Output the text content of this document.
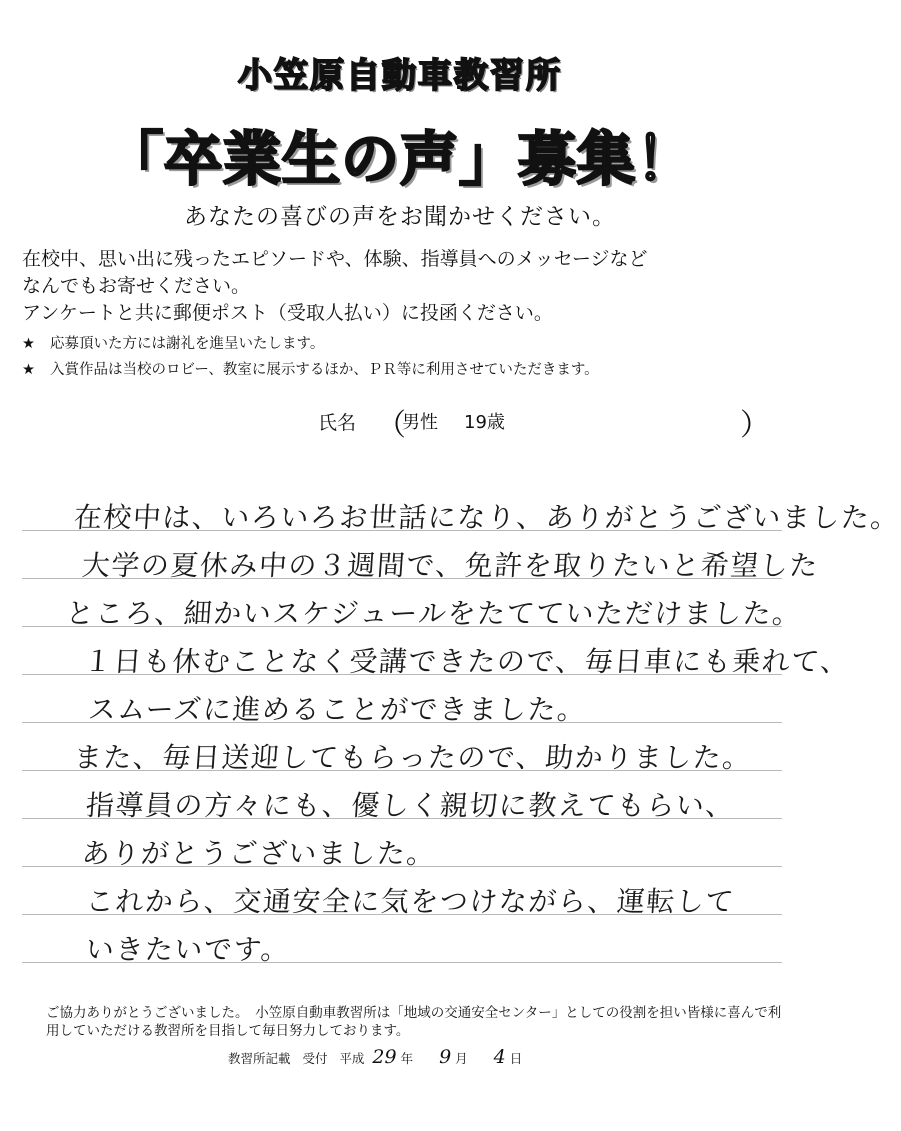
小笠原自動車教習所
「卒業生の声」募集！
あなたの喜びの声をお聞かせください。
在校中、思い出に残ったエピソードや、体験、指導員へのメッセージなど
なんでもお寄せください。
アンケートと共に郵便ポスト（受取人払い）に投函ください。
★ 応募頂いた方には謝礼を進呈いたします。
★ 入賞作品は当校のロビー、教室に展示するほか、ＰＲ等に利用させていただきます。
氏名 （
男性 19歳	）
在校中は、いろいろお世話になり、ありがとうございました。
大学の夏休み中の３週間で、免許を取りたいと希望した
ところ、細かいスケジュールをたてていただけました。
１日も休むことなく受講できたので、毎日車にも乗れて、
スムーズに進めることができました。
また、毎日送迎してもらったので、助かりました。
指導員の方々にも、優しく親切に教えてもらい、
ありがとうございました。
これから、交通安全に気をつけながら、運転して
いきたいです。
ご協力ありがとうございました。　小笠原自動車教習所は「地域の交通安全センター」としての役割を担い皆様に喜んで利用していただける教習所を目指して毎日努力しております。
教習所記載 受付 平成 29 年 9 月 4 日
